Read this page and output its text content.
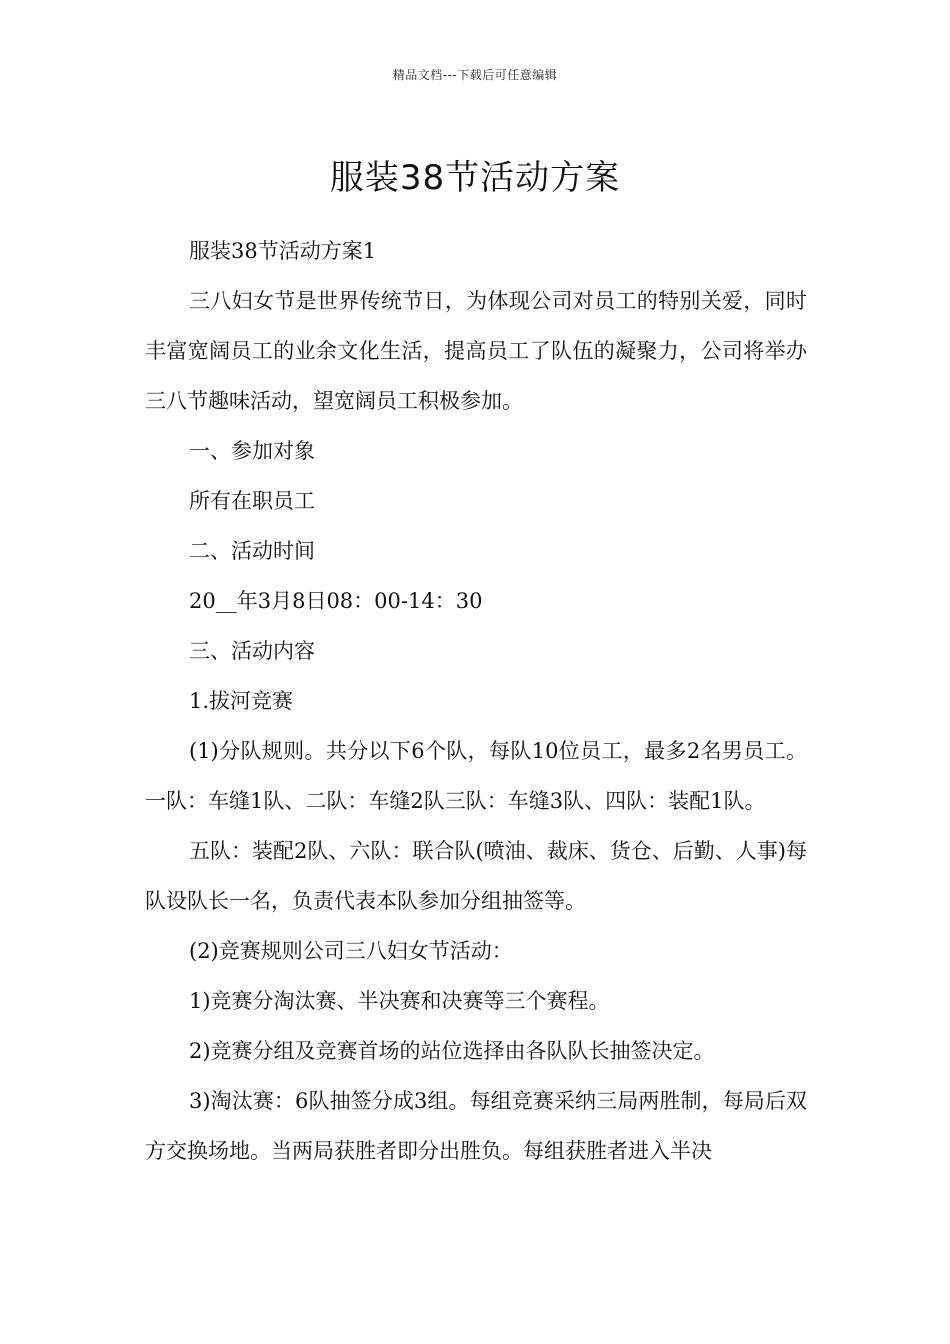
精品文档---下载后可任意编辑
服装38节活动方案

服装38节活动方案1

三八妇女节是世界传统节日，为体现公司对员工的特别关爱，同时丰富宽阔员工的业余文化生活，提高员工了队伍的凝聚力，公司将举办三八节趣味活动，望宽阔员工积极参加。

一、参加对象

所有在职员工

二、活动时间

20__年3月8日08：00-14：30

三、活动内容

1.拔河竞赛

(1)分队规则。共分以下6个队，每队10位员工，最多2名男员工。一队：车缝1队、二队：车缝2队三队：车缝3队、四队：装配1队。

五队：装配2队、六队：联合队(喷油、裁床、货仓、后勤、人事)每队设队长一名，负责代表本队参加分组抽签等。

(2)竞赛规则公司三八妇女节活动：

1)竞赛分淘汰赛、半决赛和决赛等三个赛程。

2)竞赛分组及竞赛首场的站位选择由各队队长抽签决定。

3)淘汰赛：6队抽签分成3组。每组竞赛采纳三局两胜制，每局后双方交换场地。当两局获胜者即分出胜负。每组获胜者进入半决
